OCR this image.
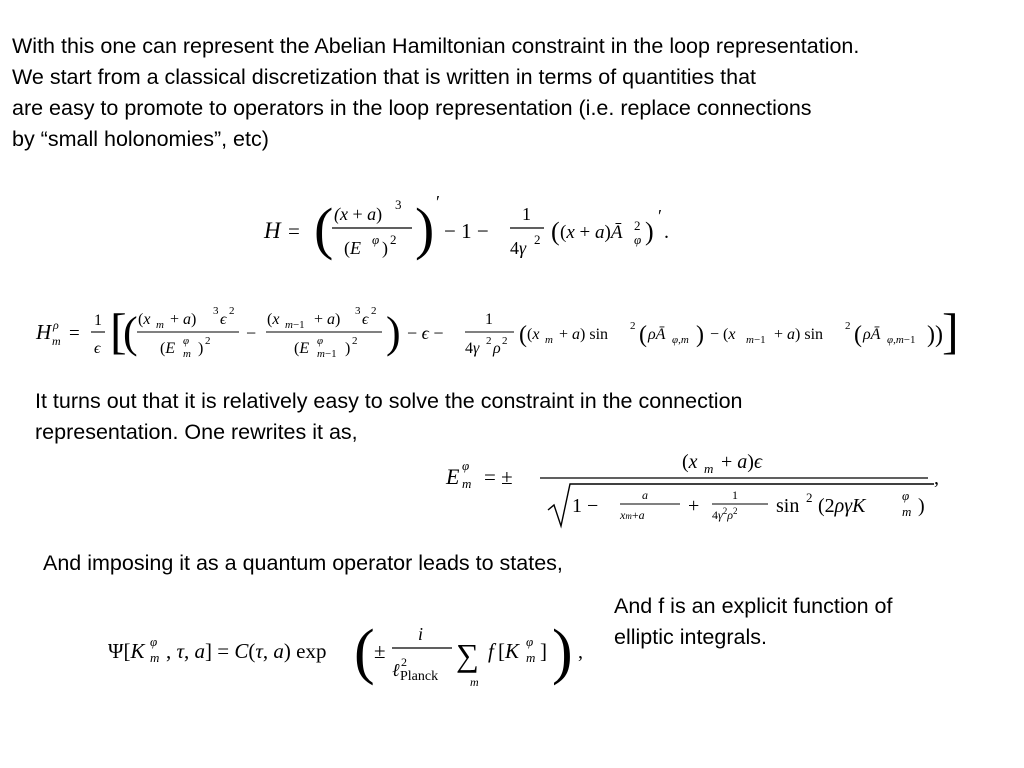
With this one can represent the Abelian Hamiltonian constraint in the loop representation.
We start from a classical discretization that is written in terms of quantities that
are easy to promote to operators in the loop representation (i.e. replace connections
by “small holonomies”, etc)
H = ( (x + a) 3
(E φ ) 2 ) ′
− 1 −
1
4γ 2 ( (x + a)Ā 2
φ )
′
.
H ρ
m =
1
ϵ [
( (x m + a) 3 ϵ 2
(E φ
m ) 2 −
(x m−1 + a) 3 ϵ 2
(E φ
m−1 ) 2 ) − ϵ −
1
4γ 2 ρ 2 ( (x m + a) sin 2 ( ρĀ φ,m ) − (x m−1 + a) sin 2 ( ρĀ φ,m−1 )) ]
It turns out that it is relatively easy to solve the constraint in the connection
representation. One rewrites it as,
E φ
m = ±
(x m + a)ϵ
1 −	a
xm+a +	1
$4\gamma^2\rho^2$ sin 2 (2ργK	φ
m )
,
And imposing it as a quantum operator leads to states,
And f is an explicit function of
elliptic integrals.
Ψ[K φ
m , τ, a] = C(τ, a) exp ( ±
i
ℓ 2
Planck
∑
m
f [K φ
m ] ) ,
